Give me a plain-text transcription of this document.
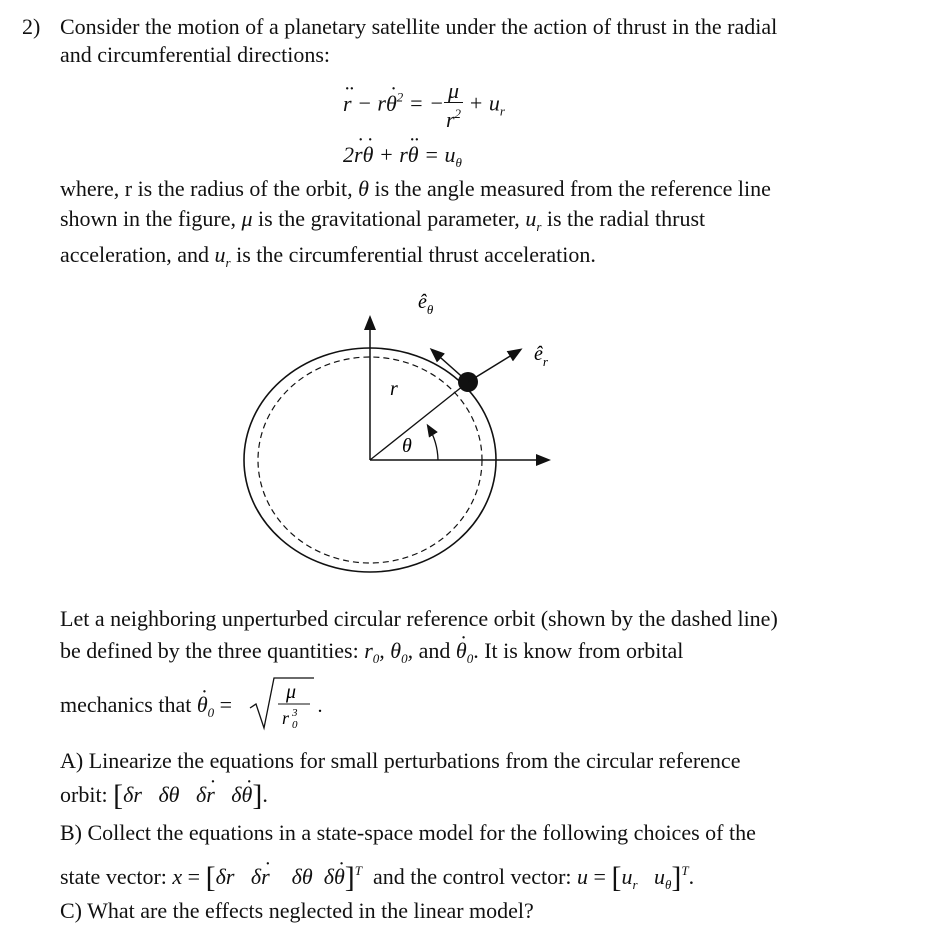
2) Consider the motion of a planetary satellite under the action of thrust in the radial
and circumferential directions:
r ·· − rθ ·$^2$ = − $\frac{\mu}{r^2} + u_r$
2r ·θ · + rθ ·· = $u_\theta$
where, r is the radius of the orbit, θ is the angle measured from the reference line
shown in the figure, μ is the gravitational parameter, $u_r$ is the radial thrust
acceleration, and $u_r$ is the circumferential thrust acceleration.
r
θ
$ê_\theta$
$ê_r$
Let a neighboring unperturbed circular reference orbit (shown by the dashed line)
be defined by the three quantities: $r_0$, $\theta_0$, and $\theta \cdot_0$. It is know from orbital
mechanics that $\theta \cdot_0$ =	μ
r 3
0
.
A) Linearize the equations for small perturbations from the circular reference
orbit: [δr   δθ   δr ·   δθ ·].
B) Collect the equations in a state-space model for the following choices of the
state vector: x = [δr   δr ·    δθ  δθ ·]$^T$ and the control vector: $u = [u_r$   $u_\theta]^T$.
C) What are the effects neglected in the linear model?
